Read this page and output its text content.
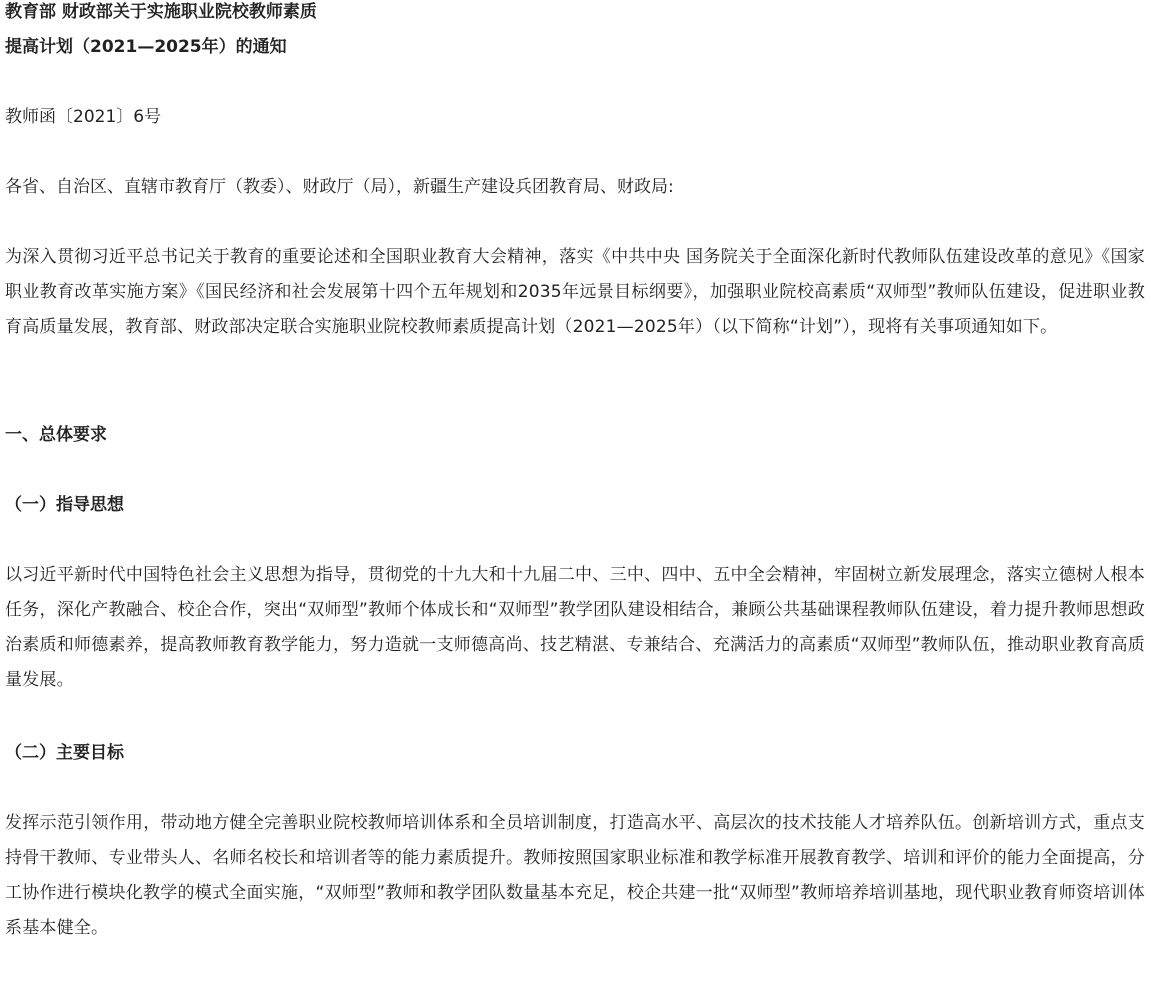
教育部 财政部关于实施职业院校教师素质

提高计划（2021—2025年）的通知

教师函〔2021〕6号

各省、自治区、直辖市教育厅（教委）、财政厅（局），新疆生产建设兵团教育局、财政局:

为深入贯彻习近平总书记关于教育的重要论述和全国职业教育大会精神，落实《中共中央 国务院关于全面深化新时代教师队伍建设改革的意见》《国家职业教育改革实施方案》《国民经济和社会发展第十四个五年规划和2035年远景目标纲要》，加强职业院校高素质“双师型”教师队伍建设，促进职业教育高质量发展，教育部、财政部决定联合实施职业院校教师素质提高计划（2021—2025年）（以下简称“计划”），现将有关事项通知如下。

一、总体要求

（一）指导思想

以习近平新时代中国特色社会主义思想为指导，贯彻党的十九大和十九届二中、三中、四中、五中全会精神，牢固树立新发展理念，落实立德树人根本任务，深化产教融合、校企合作，突出“双师型”教师个体成长和“双师型”教学团队建设相结合，兼顾公共基础课程教师队伍建设，着力提升教师思想政治素质和师德素养，提高教师教育教学能力，努力造就一支师德高尚、技艺精湛、专兼结合、充满活力的高素质“双师型”教师队伍，推动职业教育高质量发展。

（二）主要目标

发挥示范引领作用，带动地方健全完善职业院校教师培训体系和全员培训制度，打造高水平、高层次的技术技能人才培养队伍。创新培训方式，重点支持骨干教师、专业带头人、名师名校长和培训者等的能力素质提升。教师按照国家职业标准和教学标准开展教育教学、培训和评价的能力全面提高，分工协作进行模块化教学的模式全面实施，“双师型”教师和教学团队数量基本充足，校企共建一批“双师型”教师培养培训基地，现代职业教育师资培训体系基本健全。
